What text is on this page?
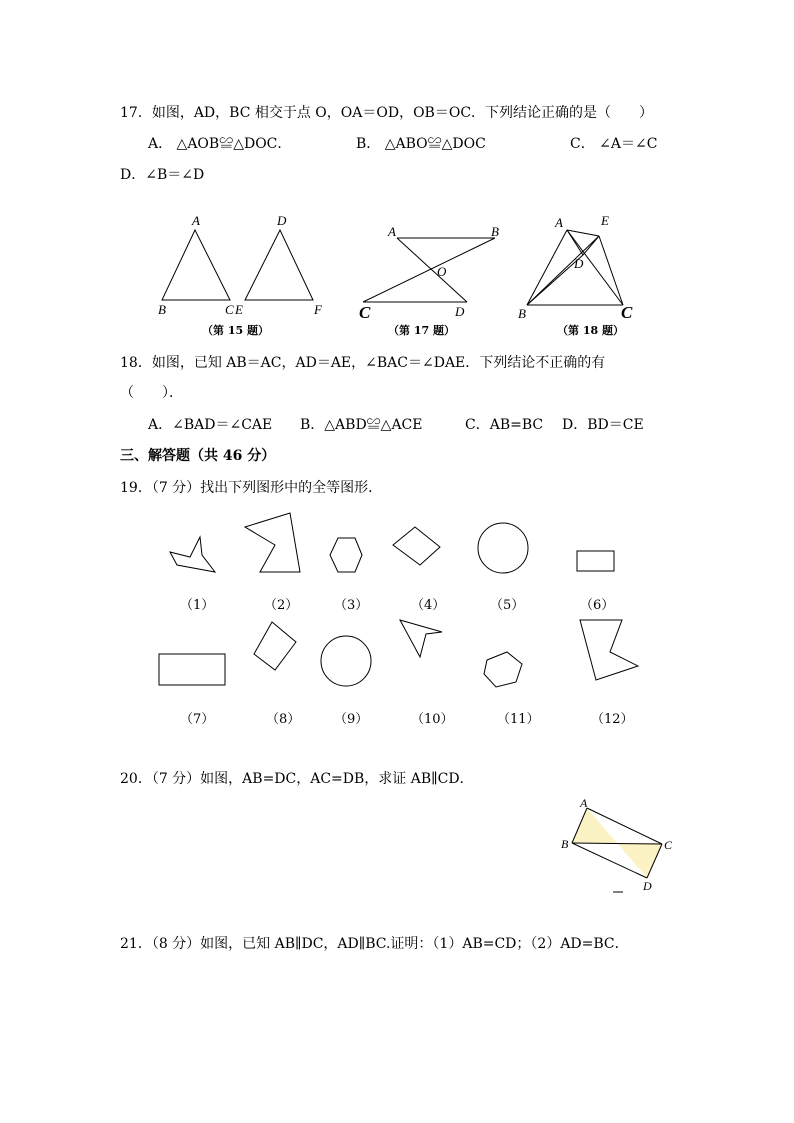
17．如图，AD，BC 相交于点 O，OA＝OD，OB＝OC．下列结论正确的是（　　）
A． △AOB≌△DOC．	B． △ABO≌△DOC	C． ∠A＝∠C
D．∠B＝∠D
A	D
B	C E	F
（第 15 题）
A	B
O
C	D
（第 17 题）
A	E
D
B	C
（第 18 题）
18．如图，已知 AB＝AC，AD＝AE，∠BAC＝∠DAE．下列结论不正确的有
（　　）．
A．∠BAD＝∠CAE B．△ABD≌△ACE	C．AB=BC D．BD＝CE
三、解答题（共 46 分）
19．（7 分）找出下列图形中的全等图形．
（1）	（2）	（3）	（4）	（5）	（6）
（7）	（8）	（9）	（10）	（11）	（12）
20．（7 分）如图，AB=DC，AC=DB，求证 AB∥CD．
A
B	C
D
21．（8 分）如图，已知 AB∥DC，AD∥BC.证明：（1）AB=CD；（2）AD=BC．
